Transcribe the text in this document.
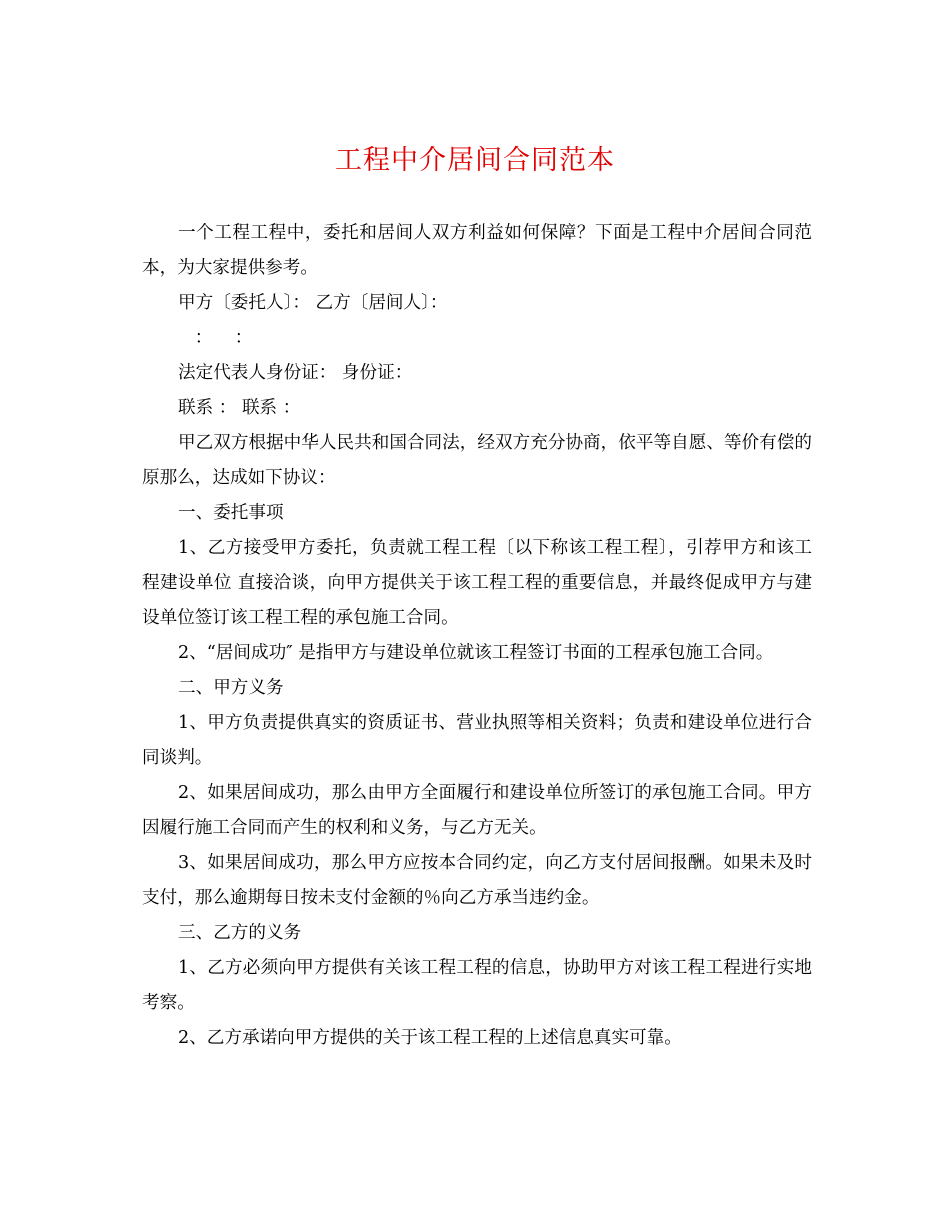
工程中介居间合同范本

一个工程工程中，委托和居间人双方利益如何保障？下面是工程中介居间合同范本，为大家提供参考。

甲方〔委托人〕： 乙方〔居间人〕：

：    ：

法定代表人身份证： 身份证：

联系 ： 联系 ：

甲乙双方根据中华人民共和国合同法，经双方充分协商，依平等自愿、等价有偿的原那么，达成如下协议：

一、委托事项

1、乙方接受甲方委托，负责就工程工程〔以下称该工程工程〕，引荐甲方和该工程建设单位 直接洽谈，向甲方提供关于该工程工程的重要信息，并最终促成甲方与建设单位签订该工程工程的承包施工合同。

2、“居间成功″ 是指甲方与建设单位就该工程签订书面的工程承包施工合同。

二、甲方义务

1、甲方负责提供真实的资质证书、营业执照等相关资料；负责和建设单位进行合同谈判。

2、如果居间成功，那么由甲方全面履行和建设单位所签订的承包施工合同。甲方因履行施工合同而产生的权利和义务，与乙方无关。

3、如果居间成功，那么甲方应按本合同约定，向乙方支付居间报酬。如果未及时支付，那么逾期每日按未支付金额的％向乙方承当违约金。

三、乙方的义务

1、乙方必须向甲方提供有关该工程工程的信息，协助甲方对该工程工程进行实地考察。

2、乙方承诺向甲方提供的关于该工程工程的上述信息真实可靠。
